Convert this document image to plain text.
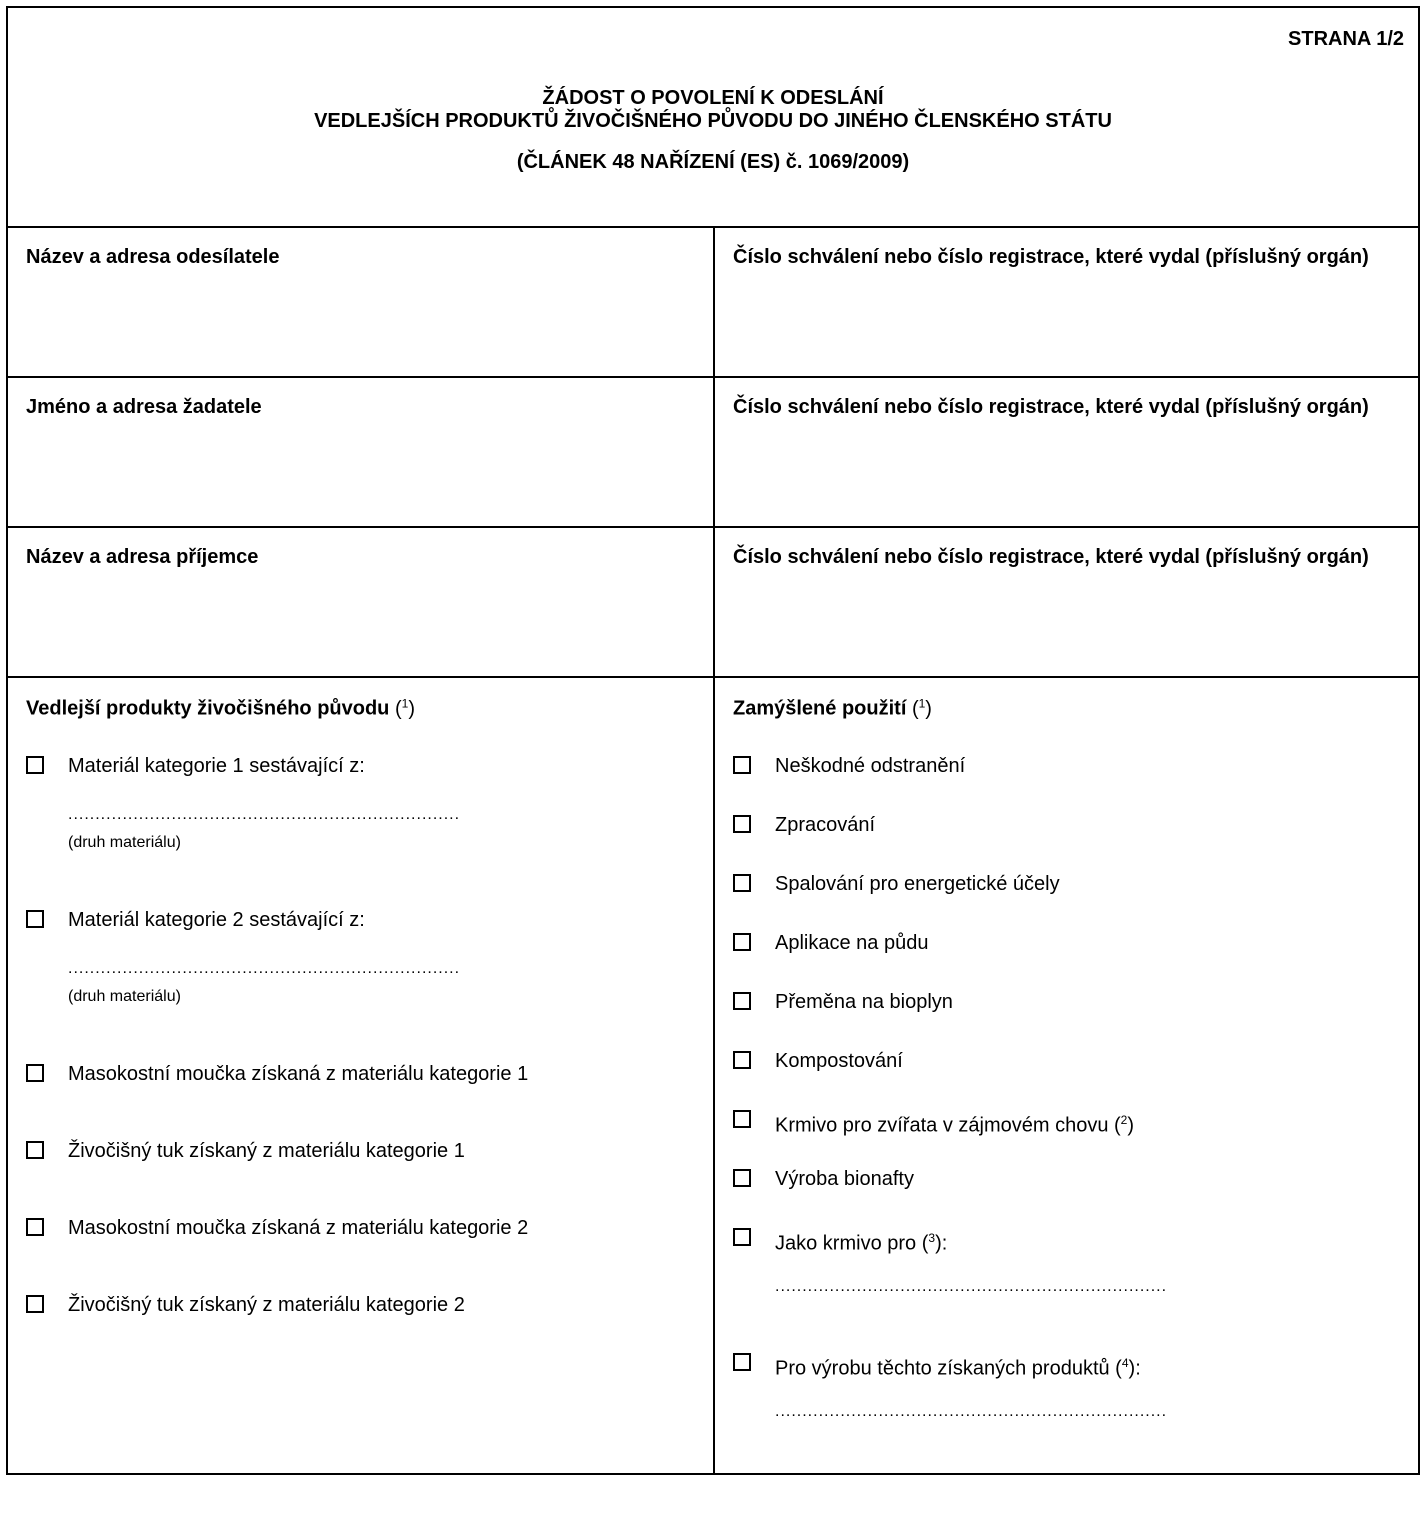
STRANA 1/2
ŽÁDOST O POVOLENÍ K ODESLÁNÍ
VEDLEJŠÍCH PRODUKTŮ ŽIVOČIŠNÉHO PŮVODU DO JINÉHO ČLENSKÉHO STÁTU
(ČLÁNEK 48 NAŘÍZENÍ (ES) č. 1069/2009)
Název a adresa odesílatele	Číslo schválení nebo číslo registrace, které vydal (příslušný orgán)
Jméno a adresa žadatele	Číslo schválení nebo číslo registrace, které vydal (příslušný orgán)
Název a adresa příjemce	Číslo schválení nebo číslo registrace, které vydal (příslušný orgán)
Vedlejší produkty živočišného původu ($^1$)
Materiál kategorie 1 sestávající z:
........................................................................
(druh materiálu)
Materiál kategorie 2 sestávající z:
........................................................................
(druh materiálu)
Masokostní moučka získaná z materiálu kategorie 1
Živočišný tuk získaný z materiálu kategorie 1
Masokostní moučka získaná z materiálu kategorie 2
Živočišný tuk získaný z materiálu kategorie 2
Zamýšlené použití ($^1$)
Neškodné odstranění
Zpracování
Spalování pro energetické účely
Aplikace na půdu
Přeměna na bioplyn
Kompostování
Krmivo pro zvířata v zájmovém chovu ($^2$)
Výroba bionafty
Jako krmivo pro ($^3$):
........................................................................
Pro výrobu těchto získaných produktů ($^4$):
........................................................................
